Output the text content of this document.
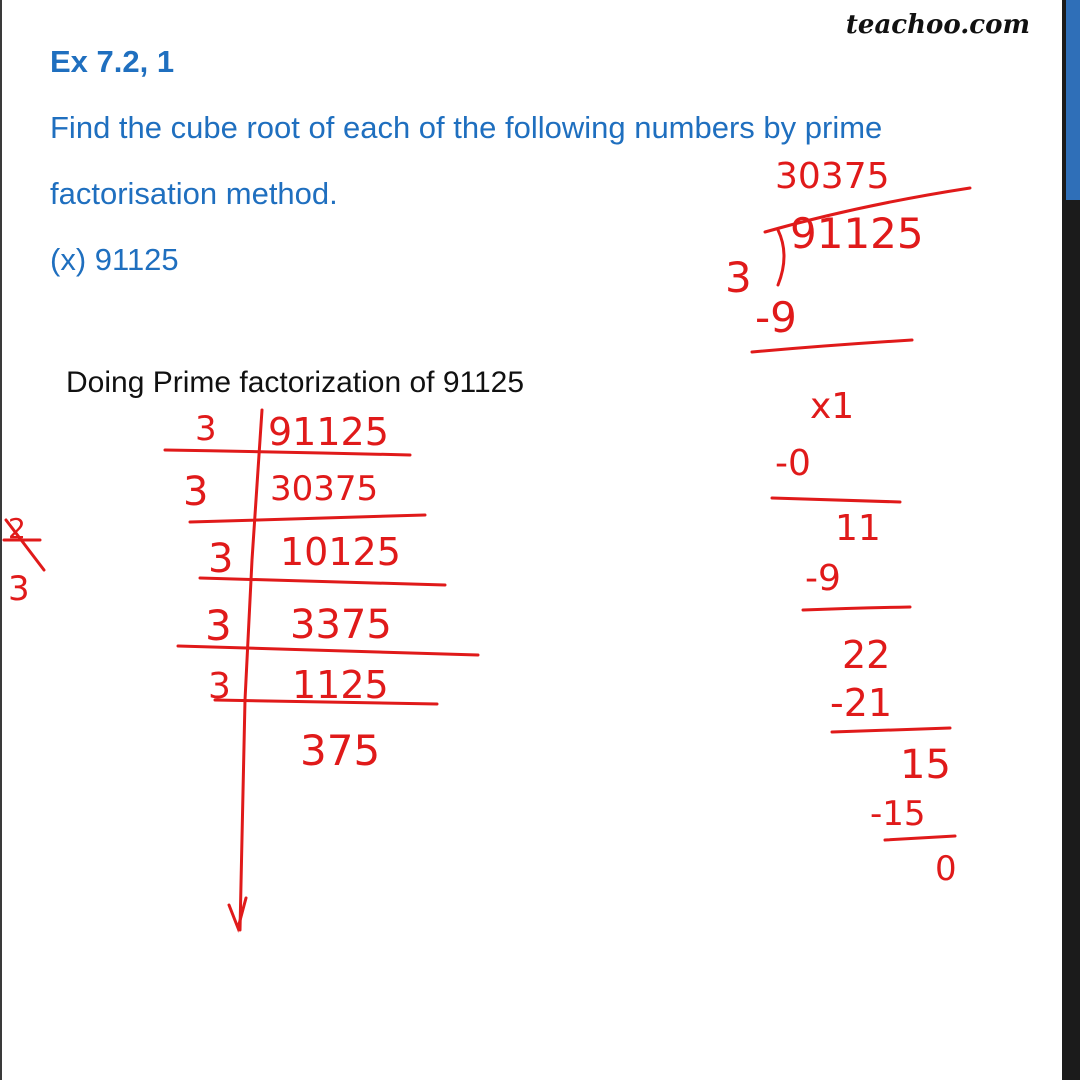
teachoo.com
Ex 7.2, 1
Find the cube root of each of the following numbers by prime
factorisation method.
(x) 91125
Doing Prime factorization of 91125
3 91125
3 30375
3 10125
3 3375
3 1125
375
2
3
30375
3
91125
-9
x1
-0
11
-9
22
-21
15
-15
0
